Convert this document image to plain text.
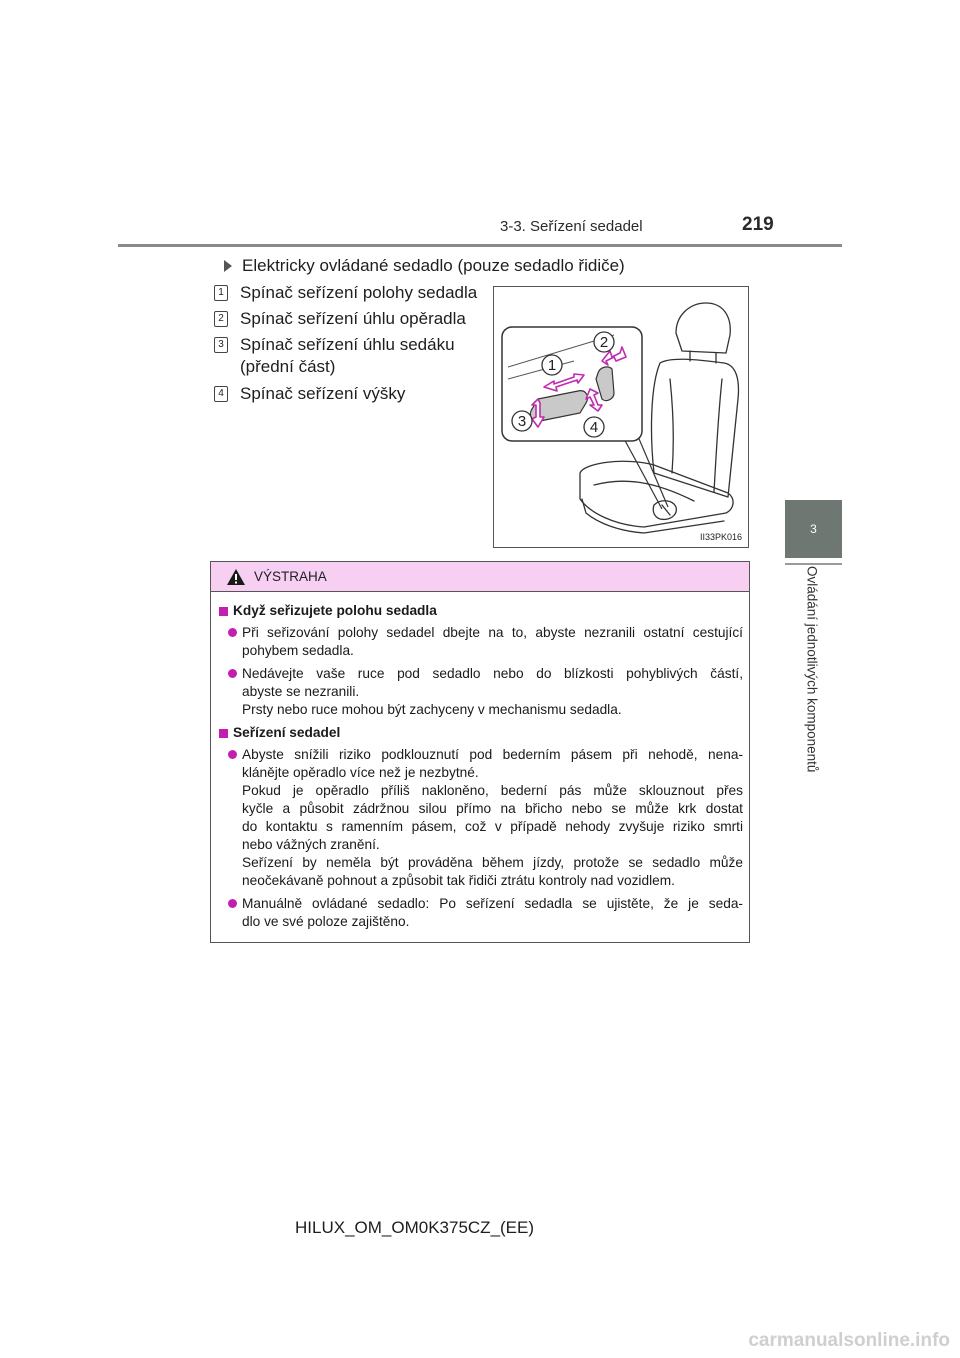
3-3. Seřízení sedadel	219
3
Ovládání jednotlivých komponentů
Elektricky ovládané sedadlo (pouze sedadlo řidiče)
1 Spínač seřízení polohy sedadla
2 Spínač seřízení úhlu opěradla
3 Spínač seřízení úhlu sedáku
(přední část)
4 Spínač seřízení výšky
1
2
3	4
II33PK016
VÝSTRAHA
Když seřizujete polohu sedadla

Při seřizování polohy sedadel dbejte na to, abyste nezranili ostatní cestující

pohybem sedadla.

Nedávejte vaše ruce pod sedadlo nebo do blízkosti pohyblivých částí,

abyste se nezranili.

Prsty nebo ruce mohou být zachyceny v mechanismu sedadla.

Seřízení sedadel

Abyste snížili riziko podklouznutí pod bederním pásem při nehodě, nena-

klánějte opěradlo více než je nezbytné.

Pokud je opěradlo příliš nakloněno, bederní pás může sklouznout přes

kyčle a působit zádržnou silou přímo na břicho nebo se může krk dostat

do kontaktu s ramenním pásem, což v případě nehody zvyšuje riziko smrti

nebo vážných zranění.

Seřízení by neměla být prováděna během jízdy, protože se sedadlo může

neočekávaně pohnout a způsobit tak řidiči ztrátu kontroly nad vozidlem.

Manuálně ovládané sedadlo: Po seřízení sedadla se ujistěte, že je seda-

dlo ve své poloze zajištěno.

HILUX_OM_OM0K375CZ_(EE)
carmanualsonline.info
